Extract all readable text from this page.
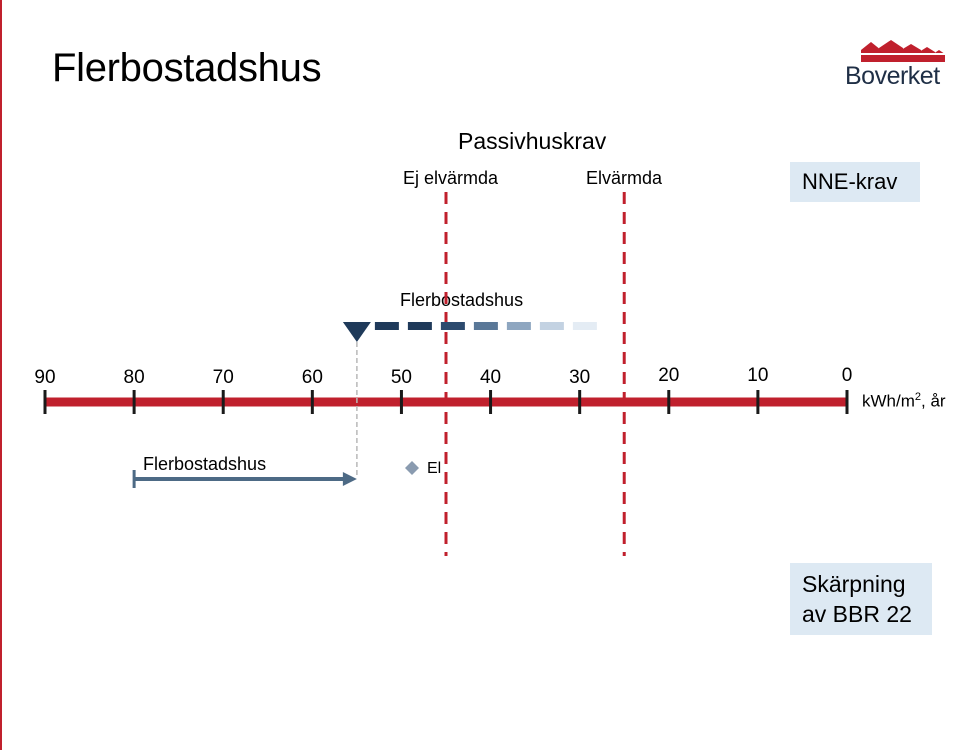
Flerbostadshus	Boverket
Passivhuskrav
Ej elvärmda	Elvärmda	NNE-krav
Flerbostadshus
90	80	70	60	50	40	30	20	10	0
kWh/$m^2$, år
Flerbostadshus	El
Skärpning
av BBR 22
